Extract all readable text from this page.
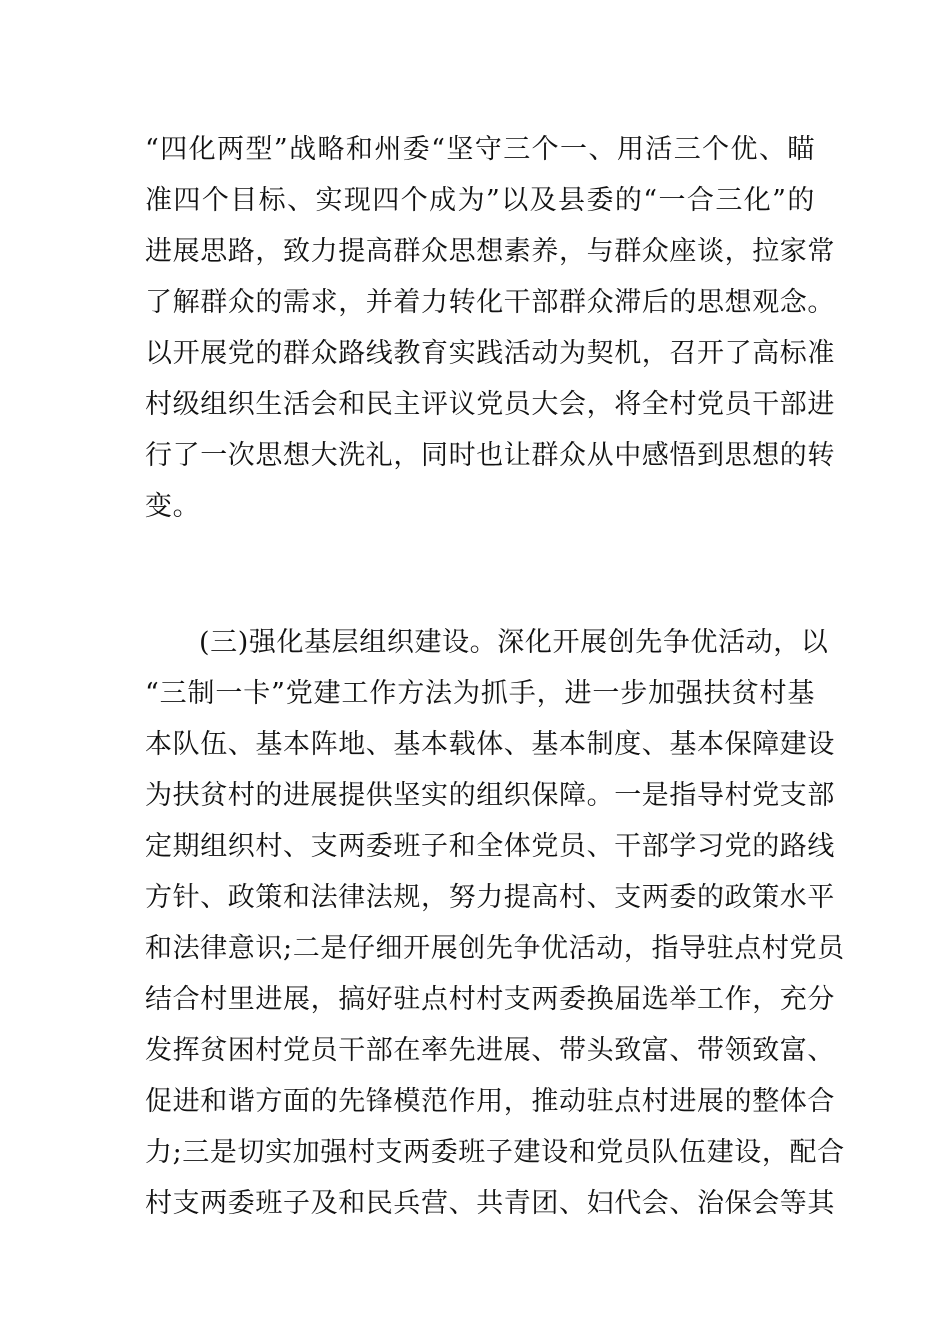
“四化两型”战略和州委“坚守三个一、用活三个优、瞄
准四个目标、实现四个成为”以及县委的“一合三化”的
进展思路，致力提高群众思想素养，与群众座谈，拉家常
了解群众的需求，并着力转化干部群众滞后的思想观念。
以开展党的群众路线教育实践活动为契机，召开了高标准
村级组织生活会和民主评议党员大会，将全村党员干部进
行了一次思想大洗礼，同时也让群众从中感悟到思想的转
变。
(三)强化基层组织建设。深化开展创先争优活动，以
“三制一卡”党建工作方法为抓手，进一步加强扶贫村基
本队伍、基本阵地、基本载体、基本制度、基本保障建设
为扶贫村的进展提供坚实的组织保障。一是指导村党支部
定期组织村、支两委班子和全体党员、干部学习党的路线
方针、政策和法律法规，努力提高村、支两委的政策水平
和法律意识;二是仔细开展创先争优活动，指导驻点村党员
结合村里进展，搞好驻点村村支两委换届选举工作，充分
发挥贫困村党员干部在率先进展、带头致富、带领致富、
促进和谐方面的先锋模范作用，推动驻点村进展的整体合
力;三是切实加强村支两委班子建设和党员队伍建设，配合
村支两委班子及和民兵营、共青团、妇代会、治保会等其
